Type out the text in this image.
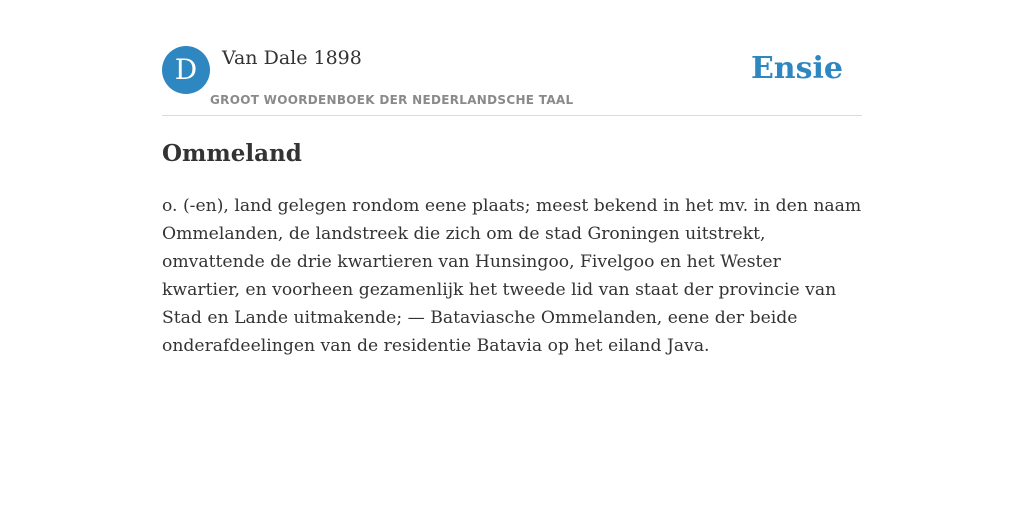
D	Van Dale 1898
GROOT WOORDENBOEK DER NEDERLANDSCHE TAAL
Ensie
Ommeland

o. (-en), land gelegen rondom eene plaats; meest bekend in het mv. in den naam Ommelanden, de landstreek die zich om de stad Groningen uitstrekt, omvattende de drie kwartieren van Hunsingoo, Fivelgoo en het Wester kwartier, en voorheen gezamenlijk het tweede lid van staat der provincie van Stad en Lande uitmakende; — Bataviasche Ommelanden, eene der beide onderafdeelingen van de residentie Batavia op het eiland Java.
